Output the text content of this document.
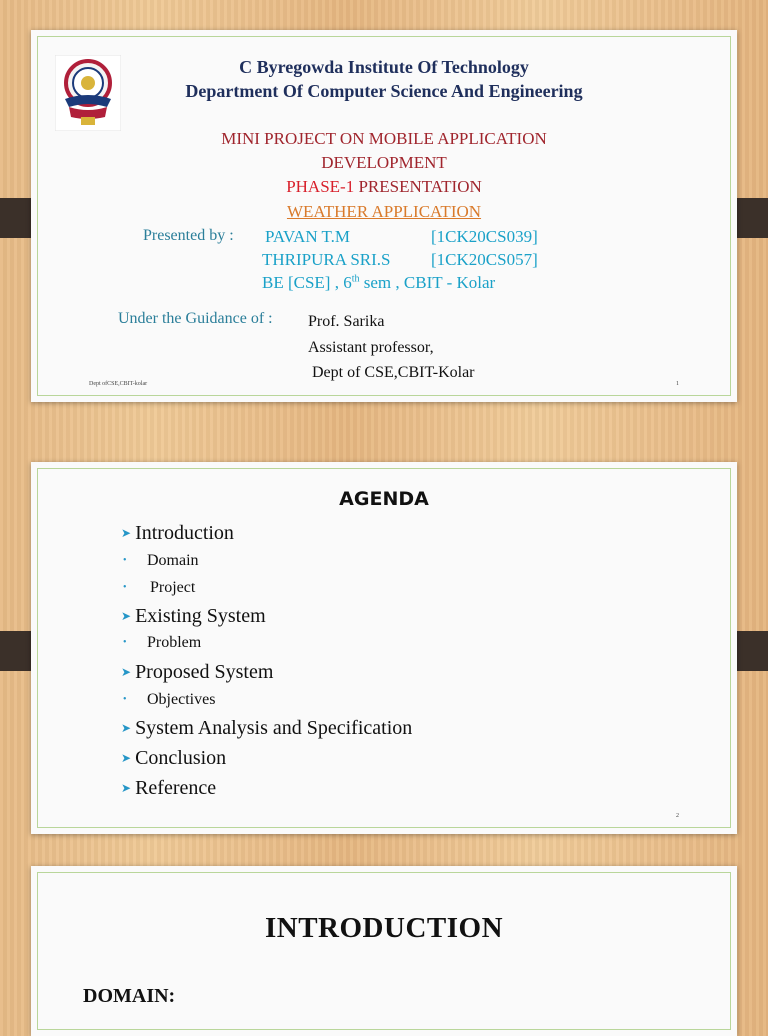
C Byregowda Institute Of Technology
Department Of Computer Science And Engineering
MINI PROJECT ON MOBILE APPLICATION
DEVELOPMENT
PHASE-1 PRESENTATION
WEATHER APPLICATION
Presented by : PAVAN T.M	[1CK20CS039]
THRIPURA SRI.S [1CK20CS057]
BE [CSE] , 6th sem , CBIT - Kolar
Under the Guidance of : Prof. Sarika
Assistant professor,
Dept of CSE,CBIT-Kolar
Dept ofCSE,CBIT-kolar	1
AGENDA
➤ Introduction
• Domain
• Project
➤ Existing System
• Problem
➤ Proposed System
• Objectives
➤ System Analysis and Specification
➤ Conclusion
➤ Reference
2
INTRODUCTION
DOMAIN:
